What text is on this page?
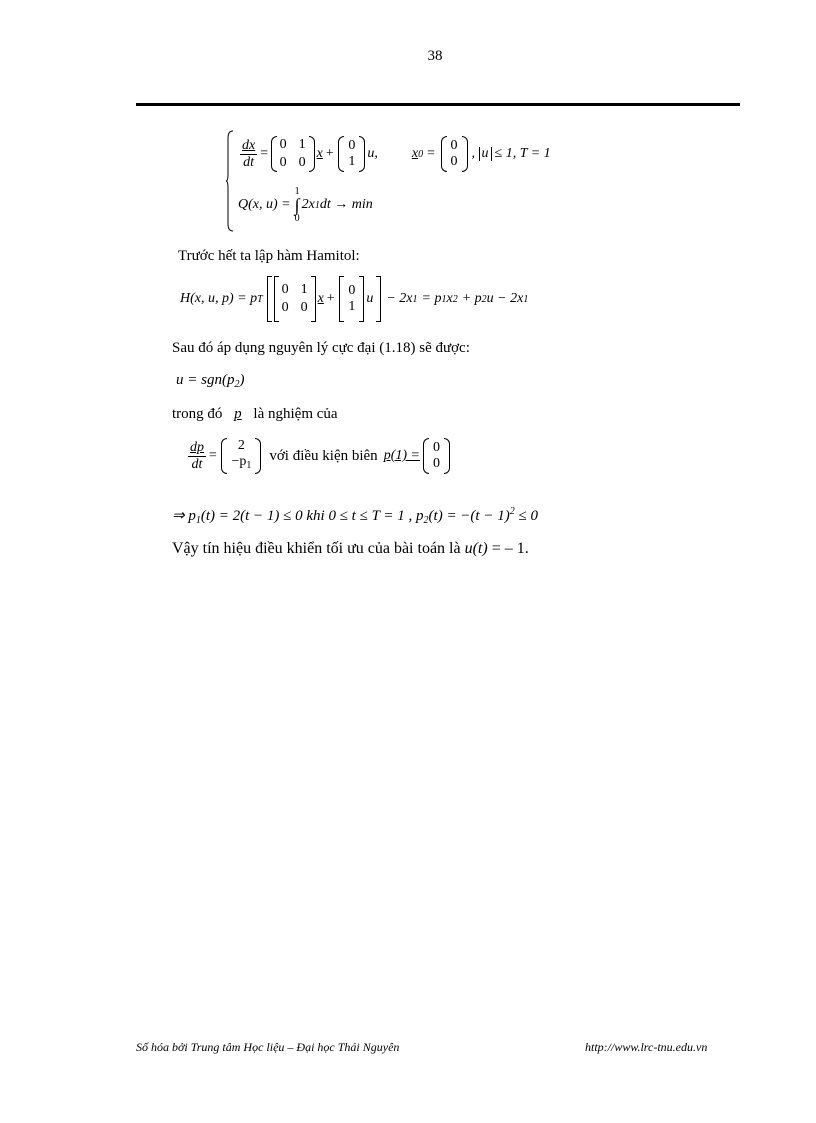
38
$\frac{dx}{dt}$ =
0 1
0 0
x +
0
1
u, x 0 =
0
0
, u ≤ 1, T = 1
Q(x, u) =
1
∫
0
2x 1 dt → min
Trước hết ta lập hàm Hamitol:
H(x, u, p) = p T
0 1
0 0
x +
0
1
u − 2x 1 = p 1 x 2 + p 2 u − 2x 1
Sau đó áp dụng nguyên lý cực đại (1.18) sẽ được:
$u = sgn(p_2)$
trong đó p là nghiệm của
$\frac{dp}{dt}$ =
2
$-p_1$
với điều kiện biên p(1) =
0
0
⇒ $p_1(t) = 2(t - 1) \le 0$ khi 0 ≤ t ≤ T = 1 , $p_2(t) = -(t - 1)^2 \le 0$
Vậy tín hiệu điều khiển tối ưu của bài toán là u(t) = – 1.
Số hóa bởi Trung tâm Học liệu – Đại học Thái Nguyên	http://www.lrc-tnu.edu.vn
